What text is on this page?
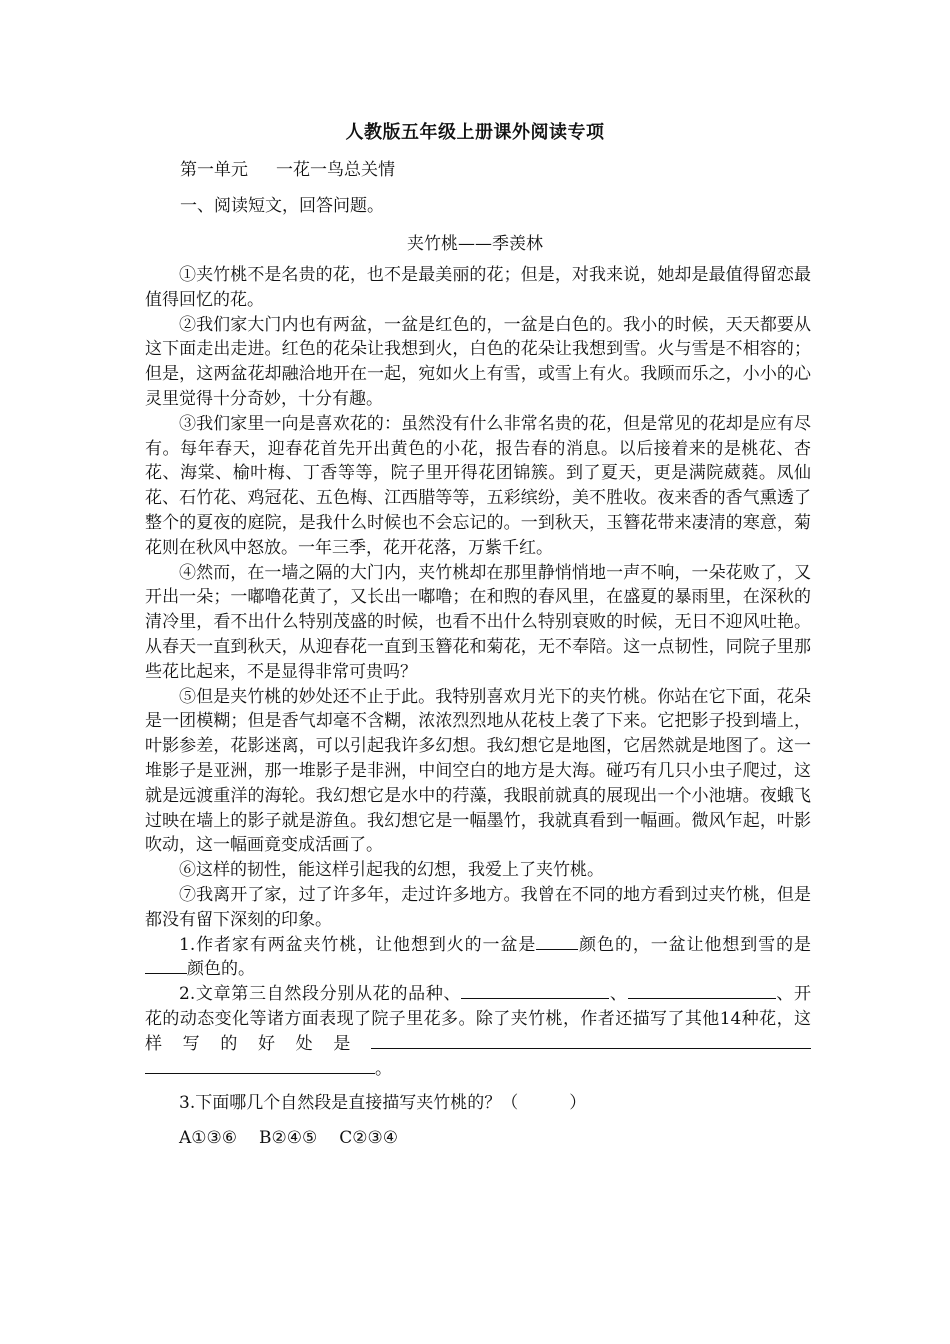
人教版五年级上册课外阅读专项
第一单元 一花一鸟总关情
一、阅读短文，回答问题。
夹竹桃——季羡林

①夹竹桃不是名贵的花，也不是最美丽的花；但是，对我来说，她却是最值得留恋最值得回忆的花。

②我们家大门内也有两盆，一盆是红色的，一盆是白色的。我小的时候，天天都要从这下面走出走进。红色的花朵让我想到火，白色的花朵让我想到雪。火与雪是不相容的；但是，这两盆花却融洽地开在一起，宛如火上有雪，或雪上有火。我顾而乐之，小小的心灵里觉得十分奇妙，十分有趣。

③我们家里一向是喜欢花的：虽然没有什么非常名贵的花，但是常见的花却是应有尽有。每年春天，迎春花首先开出黄色的小花，报告春的消息。以后接着来的是桃花、杏花、海棠、榆叶梅、丁香等等，院子里开得花团锦簇。到了夏天，更是满院葳蕤。凤仙花、石竹花、鸡冠花、五色梅、江西腊等等，五彩缤纷，美不胜收。夜来香的香气熏透了整个的夏夜的庭院，是我什么时候也不会忘记的。一到秋天，玉簪花带来凄清的寒意，菊花则在秋风中怒放。一年三季，花开花落，万紫千红。

④然而，在一墙之隔的大门内，夹竹桃却在那里静悄悄地一声不响，一朵花败了，又开出一朵；一嘟噜花黄了，又长出一嘟噜；在和煦的春风里，在盛夏的暴雨里，在深秋的清冷里，看不出什么特别茂盛的时候，也看不出什么特别衰败的时候，无日不迎风吐艳。从春天一直到秋天，从迎春花一直到玉簪花和菊花，无不奉陪。这一点韧性，同院子里那些花比起来，不是显得非常可贵吗？

⑤但是夹竹桃的妙处还不止于此。我特别喜欢月光下的夹竹桃。你站在它下面，花朵是一团模糊；但是香气却毫不含糊，浓浓烈烈地从花枝上袭了下来。它把影子投到墙上，叶影参差，花影迷离，可以引起我许多幻想。我幻想它是地图，它居然就是地图了。这一堆影子是亚洲，那一堆影子是非洲，中间空白的地方是大海。碰巧有几只小虫子爬过，这就是远渡重洋的海轮。我幻想它是水中的荇藻，我眼前就真的展现出一个小池塘。夜蛾飞过映在墙上的影子就是游鱼。我幻想它是一幅墨竹，我就真看到一幅画。微风乍起，叶影吹动，这一幅画竟变成活画了。

⑥这样的韧性，能这样引起我的幻想，我爱上了夹竹桃。

⑦我离开了家，过了许多年，走过许多地方。我曾在不同的地方看到过夹竹桃，但是都没有留下深刻的印象。

1.作者家有两盆夹竹桃，让他想到火的一盆是 颜色的，一盆让他想到雪的是颜色的。

2.文章第三自然段分别从花的品种、	、	、开花的动态变化等诸方面表现了院子里花多。除了夹竹桃，作者还描写了其他14种花，这样写的好处是。

3.下面哪几个自然段是直接描写夹竹桃的？（　　　）

A①③⑥ B②④⑤ C②③④
